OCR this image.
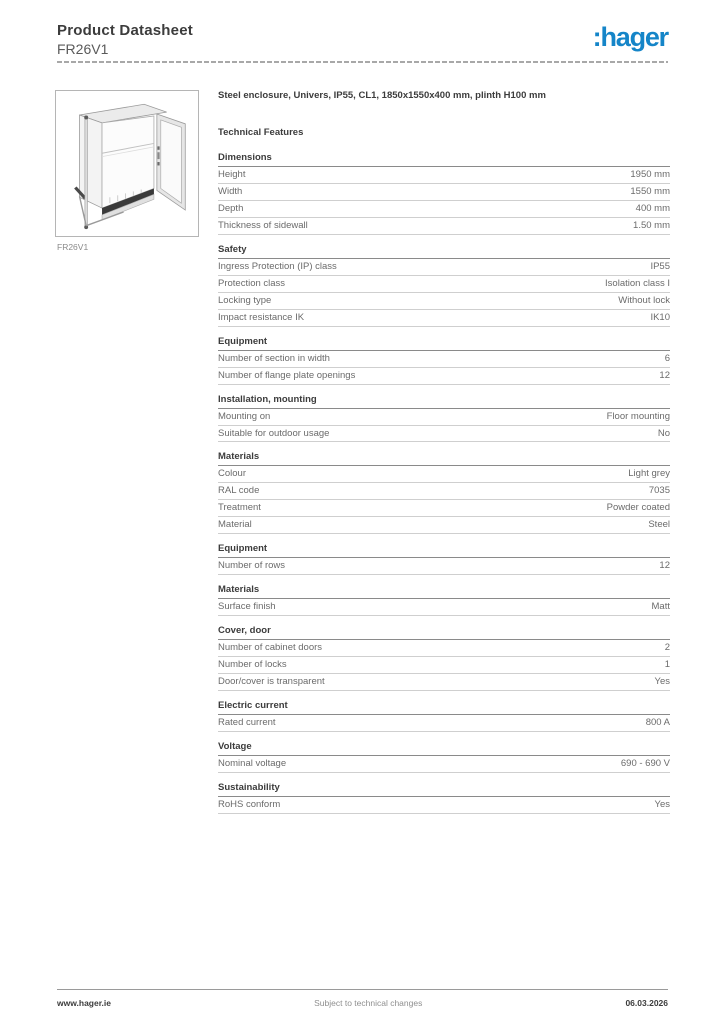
Product Datasheet
FR26V1	:hager
FR26V1
Steel enclosure, Univers, IP55, CL1, 1850x1550x400 mm, plinth H100 mm
Technical Features
Dimensions
Height	1950 mm
Width	1550 mm
Depth	400 mm
Thickness of sidewall	1.50 mm
Safety
Ingress Protection (IP) class	IP55
Protection class	Isolation class I
Locking type	Without lock
Impact resistance IK	IK10
Equipment
Number of section in width	6
Number of flange plate openings	12
Installation, mounting
Mounting on	Floor mounting
Suitable for outdoor usage	No
Materials
Colour	Light grey
RAL code	7035
Treatment	Powder coated
Material	Steel
Equipment
Number of rows	12
Materials
Surface finish	Matt
Cover, door
Number of cabinet doors	2
Number of locks	1
Door/cover is transparent	Yes
Electric current
Rated current	800 A
Voltage
Nominal voltage	690 - 690 V
Sustainability
RoHS conform	Yes
www.hager.ie	Subject to technical changes	06.03.2026
